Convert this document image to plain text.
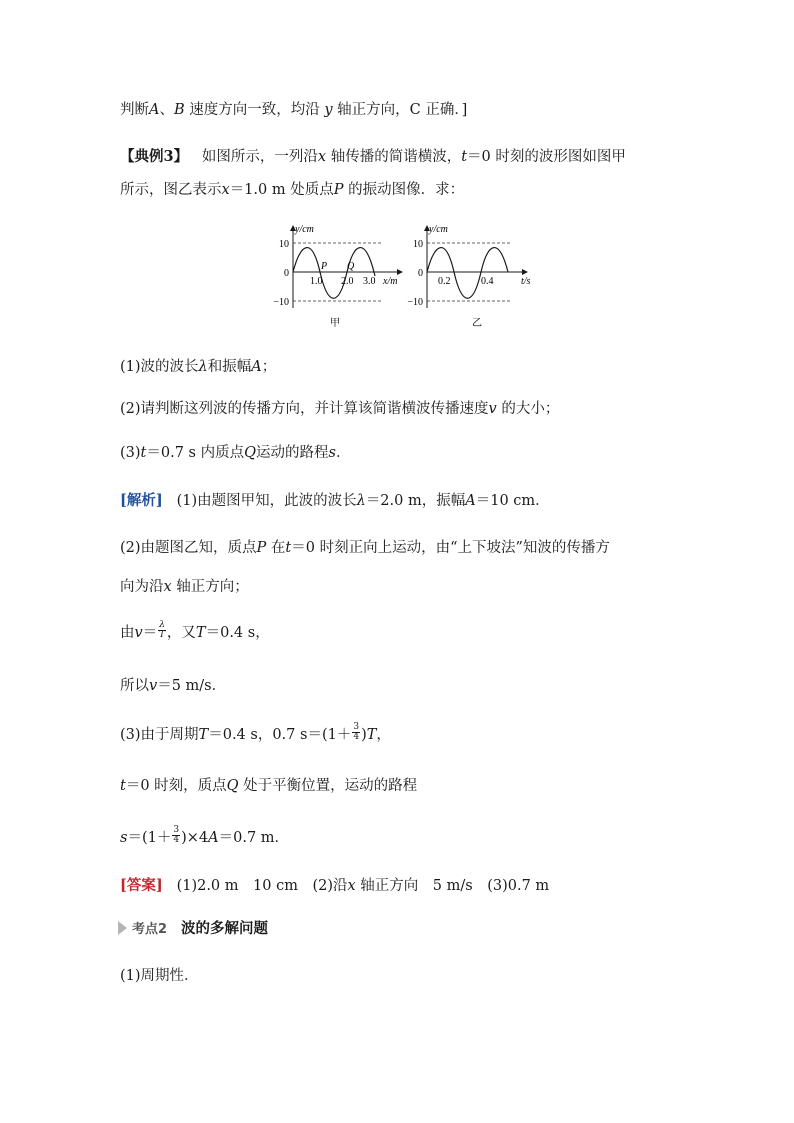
判断A、B 速度方向一致，均沿 y 轴正方向，C 正确．]
【典例3】 如图所示，一列沿x 轴传播的简谐横波，t＝0 时刻的波形图如图甲
所示，图乙表示x＝1.0 m 处质点P 的振动图像．求：
y/cm
10
0
−10
1.0 2.0 3.0 x/m
P Q
甲
y/cm
10
0
−10
0.2	0.4	t/s
乙
(1)波的波长λ和振幅A；
(2)请判断这列波的传播方向，并计算该简谐横波传播速度v 的大小；
(3)t＝0.7 s 内质点Q运动的路程s．
[解析] (1)由题图甲知，此波的波长λ＝2.0 m，振幅A＝10 cm．
(2)由题图乙知，质点P 在t＝0 时刻正向上运动，由“上下坡法”知波的传播方
向为沿x 轴正方向；
由$v= \frac{\lambda}{T}$ ，又T＝0.4 s，
所以v＝5 m/s．
(3)由于周期T＝0.4 s，0.7 $s=(1+ \frac{3}{4} )T$，
t＝0 时刻，质点Q 处于平衡位置，运动的路程
$s=(1+ \frac{3}{4} )\times 4A=0.7$ m．
[答案] (1)2.0 m　10 cm　(2)沿x 轴正方向　5 m/s　(3)0.7 m
考点2 波的多解问题
(1)周期性．
